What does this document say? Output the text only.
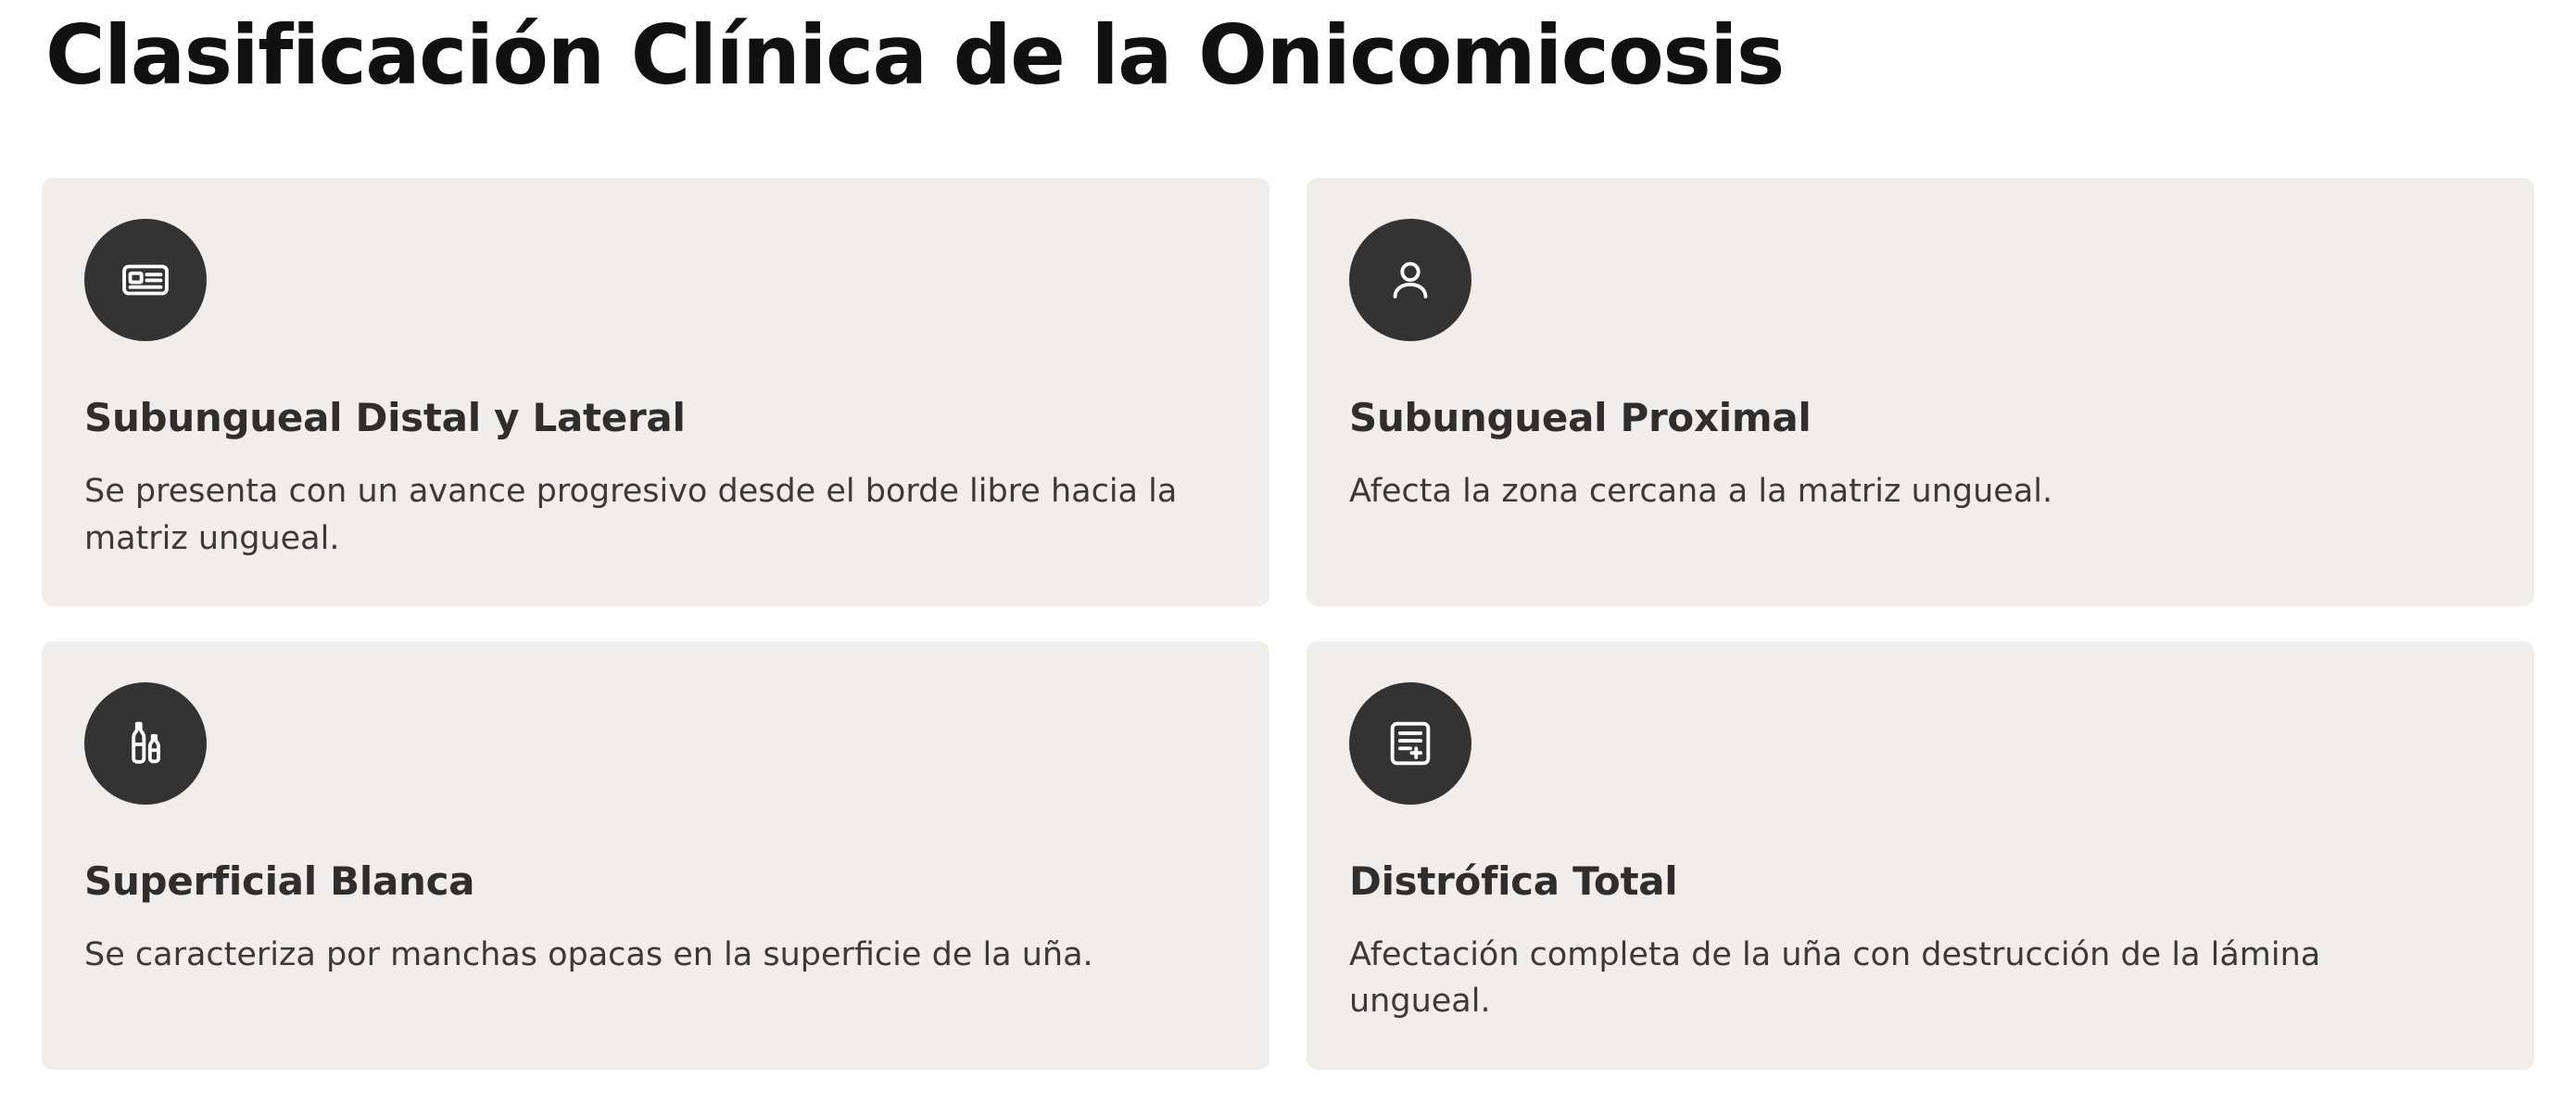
Clasificación Clínica de la Onicomicosis
Subungueal Distal y Lateral

Se presenta con un avance progresivo desde el borde libre hacia la matriz ungueal.

Subungueal Proximal

Afecta la zona cercana a la matriz ungueal.

Superficial Blanca

Se caracteriza por manchas opacas en la superficie de la uña.

Distrófica Total

Afectación completa de la uña con destrucción de la lámina ungueal.
